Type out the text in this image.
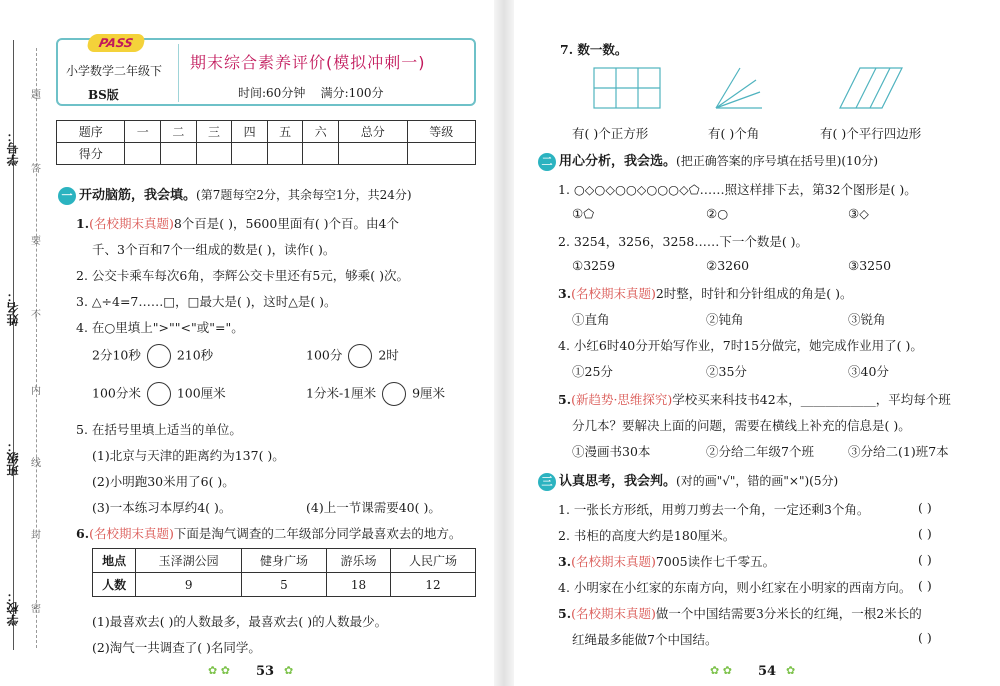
学号：
姓名：
班级：
学校：
题
答
要
不
内
线
封
密
PASS
小学数学二年级下
BS版
期末综合素养评价(模拟冲刺一)
时间:60分钟 满分:100分
题序	一	二	三	四	五	六	总分	等级
得分								
一 开动脑筋，我会填。(第7题每空2分，其余每空1分，共24分)
1.(名校期末真题)8个百是( )，5600里面有( )个百。由4个
千、3个百和7个一组成的数是( )，读作( )。
2. 公交卡乘车每次6角，李辉公交卡里还有5元，够乘( )次。
3. △÷4=7……□，□最大是( )，这时△是( )。
4. 在○里填上">""<"或"="。
2分10秒	210秒	100分	2时
100分米	100厘米	1分米-1厘米	9厘米
5. 在括号里填上适当的单位。
(1)北京与天津的距离约为137( )。
(2)小明跑30米用了6( )。
(3)一本练习本厚约4( )。	(4)上一节课需要40( )。
6.(名校期末真题)下面是淘气调查的二年级部分同学最喜欢去的地方。
地点	玉泽湖公园	健身广场	游乐场	人民广场
人数	9	5	18	12
(1)最喜欢去( )的人数最多，最喜欢去( )的人数最少。
(2)淘气一共调查了( )名同学。
✿ ✿ 53 ✿
7. 数一数。
有( )个正方形	有( )个角	有( )个平行四边形
二 用心分析，我会选。(把正确答案的序号填在括号里)(10分)
1. ○◇○◇○○◇○○○◇⬠……照这样排下去，第32个图形是( )。
①⬠	②○	③◇
2. 3254，3256，3258……下一个数是( )。
①3259	②3260	③3250
3.(名校期末真题)2时整，时针和分针组成的角是( )。
①直角	②钝角	③锐角
4. 小红6时40分开始写作业，7时15分做完，她完成作业用了( )。
①25分	②35分	③40分
5.(新趋势·思维探究)学校买来科技书42本，____________，平均每个班
分几本？要解决上面的问题，需要在横线上补充的信息是( )。
①漫画书30本	②分给二年级7个班	③分给二(1)班7本
三 认真思考，我会判。(对的画"√"，错的画"×")(5分)
1. 一张长方形纸，用剪刀剪去一个角，一定还剩3个角。	( )
2. 书柜的高度大约是180厘米。	( )
3.(名校期末真题)7005读作七千零五。	( )
4. 小明家在小红家的东南方向，则小红家在小明家的西南方向。 ( )
5.(名校期末真题)做一个中国结需要3分米长的红绳，一根2米长的
红绳最多能做7个中国结。	( )
✿ ✿ 54 ✿
